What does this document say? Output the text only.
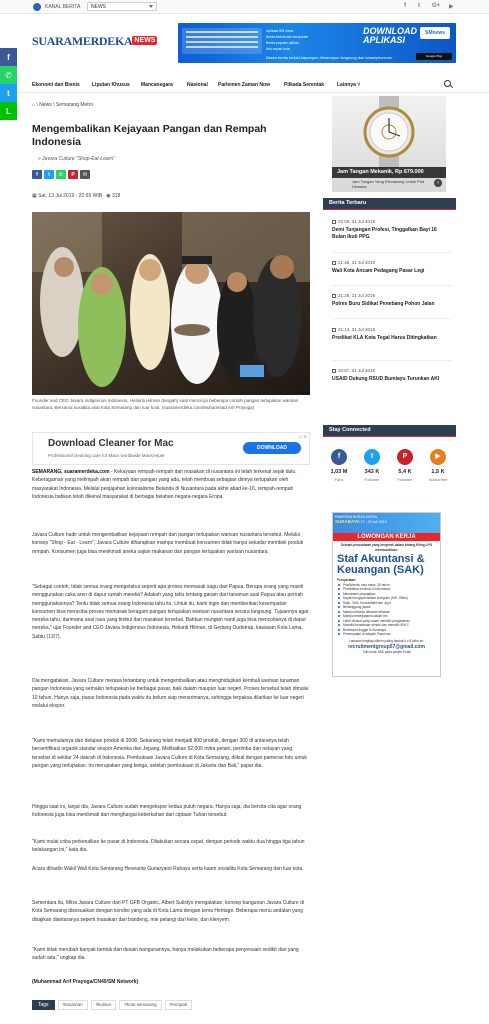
KANAL BERITA	NEWS	f t G+ ▶
SUARAMERDEKA NEWS
Aplikasi SM news
Berita terkini dan terupdate
Berita populer pilihan
Info sepak bola
DOWNLOAD APLIKASI
SMnews
Google Play
Akses berita terkini kapanpun dimanapun langsung dari smartphonemu
Ekonomi dan Bisnis Liputan Khusus Mancanegara	Nasional Parlemen Zaman Now	Pilkada Serentak	Lainnya ˅
f
✆
t
L
⌂ \ News \ Semarang Metro
Mengembalikan Kejayaan Pangan dan Rempah Indonesia
» Javara Culture "Shop-Eat-Learn"
f	t	✆	P	✉
▦ Sat, 13 Jul 2019 - 22:55 WIB ◉ 318
Founder and CEO Javara Indigenous Indonesia, Helianti Hilman (tengah) saat mencicipi beberapa contoh pangan terlupakan warisan nusantara. Bersama sosialita asal Kota Semarang dan luar kota. (suaramerdeka.com/Muhammad Arif Prayoga)
Download Cleaner for Mac
Professional cleaning care for Macs worldwide MacKeeper
DOWNLOAD
▷ ✕
SEMARANG, suaramerdeka.com - Kekayaan rempah-rempah dan masakan di nusantara ini telah terkenal sejak dulu. Keberagaman yang melimpah akan rempah dan pangan yang ada, telah membuat sebagian dirinya terlupakan oleh masyarakat Indonesia. Melalui penjajahan kolonialisme Belanda di Nusantara pada akhir abad ke-16, rempah-rempah Indonesia bahkan telah dikenal masyarakat di berbagai belahan negara-negara Eropa.
Javara Culture hadir untuk mengembalikan kejayaan rempah dan pangan terlupakan warisan nusantara tersebut. Melalui konsep "Shop - Eat - Learn", Javara Culture diharapkan mampu membuat konsumen tidak hanya sekadar membeli produk rempah. Konsumen juga bisa menikmati aneka sajian makanan dan pangan terlupakan warisan nusantara.
"Sebagai contoh, tidak semua orang mengetahui seperti apa proses memasak sagu dari Papua. Berapa orang yang masih menggunakan cuka aren di dapur rumah mereka? Adakah yang tahu tentang garam dari tanaman asal Papua atau pernah menggunakannya? Tentu tidak semua orang Indonesia tahu itu. Untuk itu, kami ingin dan memberikan kesempatan konsumen bisa mencoba proses memasak beragam pangan terlupakan warisan nusantara secara langsung. Tujuannya agar mereka tahu, darimana asal rasa yang timbul dari masakan tersebut. Bahkan mungkin nanti juga bisa mencobanya di dapur mereka," ujar Founder and CEO Javara Indigenous Indonesia, Helianti Hilman, di Gedung Oudetrap, kawasan Kota Lama, Sabtu (13/7).
Dia mengatakan, Javara Culture merasa tertantang untuk mengembalikan atau menghidupkan kembali warisan tanaman pangan Indonesia yang semakin terlupakan ke berbagai pasar, baik dalam maupun luar negeri. Proses tersebut telah dimulai 10 tahun. Hanya saja, pasar Indonesia pada waktu itu belum siap menerimanya, sehingga terpaksa dilarikan ke luar negeri melalui ekspor.
"Kami memulainya dari delapan produk di 2008. Sekarang telah menjadi 900 produk, dengan 300 di antaranya telah bersertifikasi organik standar ekspor Amerika dan Jepang. Melibatkan 52,000 mitra petani, perimba dan nelayan yang tersebar di sekitar 24 daerah di Indonesia. Pembukaan Javara Culture di Kota Semarang, diikuti dengan pameran foto untuk pangan yang terlupakan. Ini merupakan yang ketiga, setelah pembukaan di Jakarta dan Bali," papar dia.
Hingga saat ini, lanjut dia, Javara Culture sudah mengekspor kedua puluh negara. Hanya saja, dia bercita-cita agar orang Indonesia juga bisa menikmati dan menghargai keberkahan dari ciptaan Tuhan tersebut.
"Kami mulai coba perkenalkan ke pasar di Indonesia. Dilakukan secara cepat, dengan periode waktu dua hingga tiga tahun belakangan ini," kata dia.
Acara dihadiri Wakil Wali Kota Semarang Hevearita Gunaryanti Rahayu serta kaum sosialita Kota Semarang dan luar kota.
Sementara itu, Mitra Javara Culture dari PT GFB Organic, Albert Sulistyo mengatakan, konsep bangunan Javara Culture di Kota Semarang disesuaikan dengan kondisi yang ada di Kota Lama dengan tema Heritage. Beberapa menu andalan yang disajikan diantaranya seperti masakan dari bandeng, mie pelangi dari kelor, dan klenyem.
"Kami tidak merubah banyak bentuk dan desain bangunannya, hanya melakukan beberapa penyesuain sedikit dari yang sudah ada," ungkap dia.
(Muhammad Arif Prayoga/CN40/SM Network)
Tags	#tanaman	#kuliner	#kota semarang	#rempah
Jam Tangan Mekanik, Rp 679.000
Jam Tangan Yang Elevancing Untuk Pria Dewasa
›
Berita Terbaru
22:00, 31 Jul 2019
Demi Tunjangan Profesi, Tinggalkan Bayi 16 Bulan Ikuti PPG
21:45, 31 Jul 2019
Wali Kota Ancam Pedagang Pasar Legi
21:28, 31 Jul 2019
Polres Buru Sidikat Penebang Pohon Jalan
21:13, 31 Jul 2019
Predikat KLA Kota Tegal Harus Ditingkatkan
20:57, 31 Jul 2019
USAID Dukung RSUD Bumiayu Turunkan AKI
Stay Connected
f
1,03 M
Fans
t
343 K
Follower
P
5,4 K
Follower
▶
1,5 K
Subscriber
PAMERAN BURSA KERJA
SURABAYA 17 - 20 Juli 2019
LOWONGAN KERJA
Sebuah perusahaan yang bergerak dalam bidang filling LPG membutuhkan:
Staf Akuntansi & Keuangan (SAK)
Persyaratan:
Pria/Wanita, usia maks. 30 tahun
Pendidikan minimal D3 Akuntansi
Memahami perpajakan
Dapat mengoperasikan komputer (MS. Office)
Rajin, Teliti, Komunikatif dan Jujur
Bertanggung jawab
Mampu bekerja dibawah tekanan
Mampu bekerjasama dalam tim
Lebih disukai yang sudah memiliki pengalaman
Memiliki kendaraan sendiri dan memiliki SIM C
Bertempat tinggal di Surabaya
Penempatan di wilayah Pasuruan
Lamaran lengkap dikirim paling lambat 4 x 8 kirim ke:
recruitmentgroup57@gmail.com
Tulis kode SAK pada subjek Email
